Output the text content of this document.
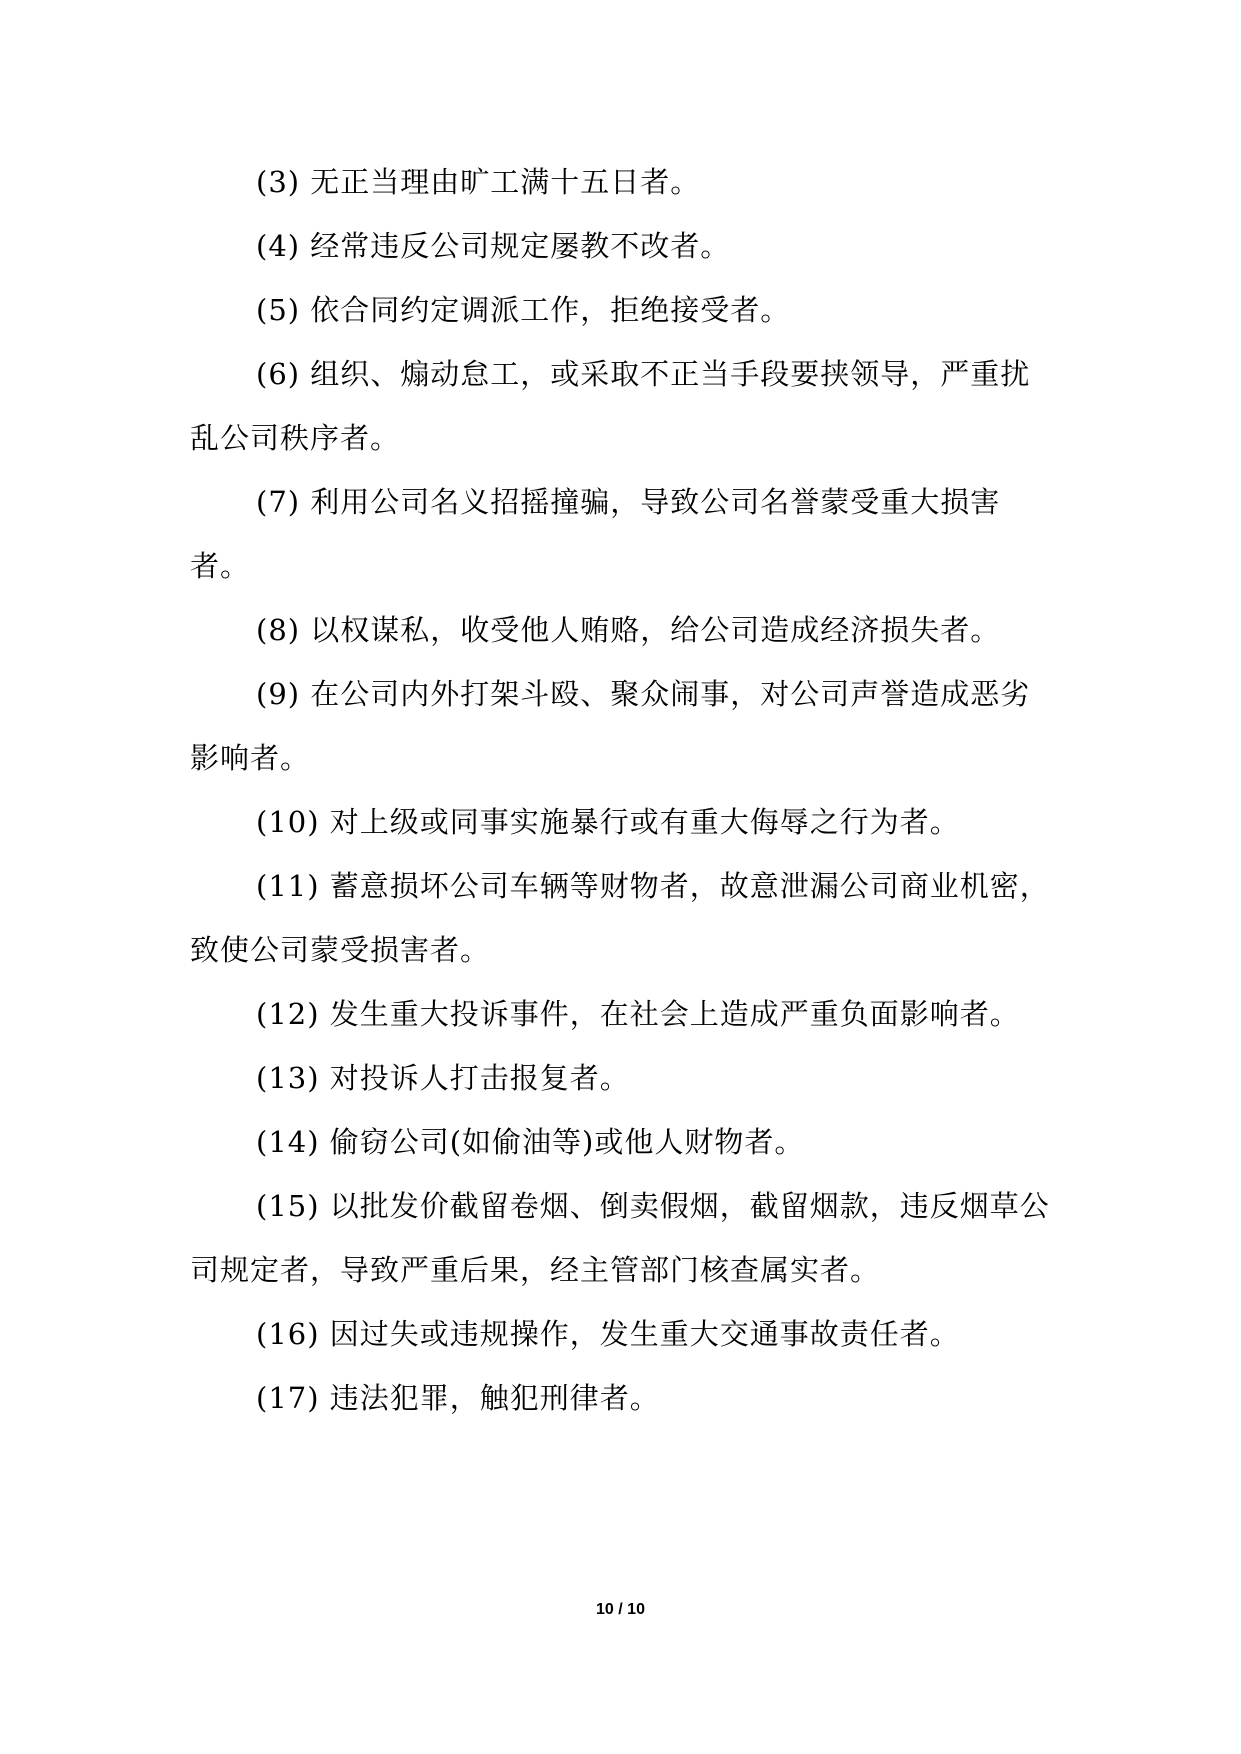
(3) 无正当理由旷工满十五日者。

(4) 经常违反公司规定屡教不改者。

(5) 依合同约定调派工作，拒绝接受者。

(6) 组织、煽动怠工，或采取不正当手段要挟领导，严重扰乱公司秩序者。

(7) 利用公司名义招摇撞骗，导致公司名誉蒙受重大损害者。

(8) 以权谋私，收受他人贿赂，给公司造成经济损失者。

(9) 在公司内外打架斗殴、聚众闹事，对公司声誉造成恶劣影响者。

(10) 对上级或同事实施暴行或有重大侮辱之行为者。

(11) 蓄意损坏公司车辆等财物者，故意泄漏公司商业机密，致使公司蒙受损害者。

(12) 发生重大投诉事件，在社会上造成严重负面影响者。

(13) 对投诉人打击报复者。

(14) 偷窃公司(如偷油等)或他人财物者。

(15) 以批发价截留卷烟、倒卖假烟，截留烟款，违反烟草公司规定者，导致严重后果，经主管部门核查属实者。

(16) 因过失或违规操作，发生重大交通事故责任者。

(17) 违法犯罪，触犯刑律者。

10 / 10
